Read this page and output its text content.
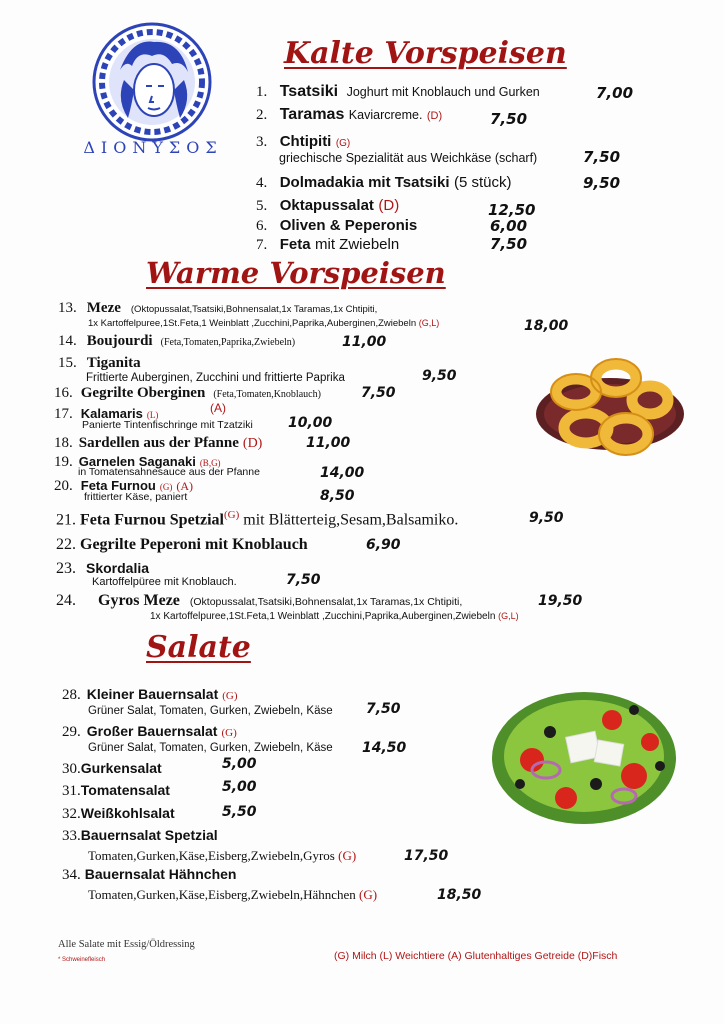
ΔΙΟΝΥΣΟΣ
Kalte Vorspeisen
1. Tsatsiki Joghurt mit Knoblauch und Gurken	7,00
2. Taramas Kaviarcreme. (D)	7,50
3. Chtipiti (G)
griechische Spezialität aus Weichkäse (scharf)	7,50
4. Dolmadakia mit Tsatsiki (5 stück)	9,50
5. Oktapussalat (D)	12,50
6. Oliven & Peperonis	6,00
7. Feta mit Zwiebeln	7,50
Warme Vorspeisen
13. Meze (Oktopussalat,Tsatsiki,Bohnensalat,1x Taramas,1x Chtipiti,
1x Kartoffelpuree,1St.Feta,1 Weinblatt ,Zucchini,Paprika,Auberginen,Zwiebeln (G,L)	18,00
14. Boujourdi (Feta,Tomaten,Paprika,Zwiebeln)	11,00
15. Tiganita
Frittierte Auberginen, Zucchini und frittierte Paprika	9,50
16. Gegrilte Oberginen (Feta,Tomaten,Knoblauch)	7,50
17. Kalamaris (L)	(A)
Panierte Tintenfischringe mit Tzatziki	10,00
18. Sardellen aus der Pfanne (D)	11,00
19. Garnelen Saganaki (B,G)
in Tomatensahnesauce aus der Pfanne	14,00
20. Feta Furnou (G) (A)
frittierter Käse, paniert	8,50
21. Feta Furnou Spetzial$^{(G)}$ mit Blätterteig,Sesam,Balsamiko.	9,50
22. Gegrilte Peperoni mit Knoblauch	6,90
23. Skordalia
Kartoffelpüree mit Knoblauch.	7,50
24. Gyros Meze (Oktopussalat,Tsatsiki,Bohnensalat,1x Taramas,1x Chtipiti,
1x Kartoffelpuree,1St.Feta,1 Weinblatt ,Zucchini,Paprika,Auberginen,Zwiebeln (G,L)
19,50
Salate
28. Kleiner Bauernsalat (G)
Grüner Salat, Tomaten, Gurken, Zwiebeln, Käse 7,50
29. Großer Bauernsalat (G)
Grüner Salat, Tomaten, Gurken, Zwiebeln, Käse 14,50
30.Gurkensalat	5,00
31.Tomatensalat	5,00
32.Weißkohlsalat	5,50
33.Bauernsalat Spetzial
Tomaten,Gurken,Käse,Eisberg,Zwiebeln,Gyros (G)	17,50
34. Bauernsalat Hähnchen
Tomaten,Gurken,Käse,Eisberg,Zwiebeln,Hähnchen (G)	18,50
Alle Salate mit Essig/Öldressing
* Schweinefleisch	(G) Milch (L) Weichtiere (A) Glutenhaltiges Getreide (D)Fisch
